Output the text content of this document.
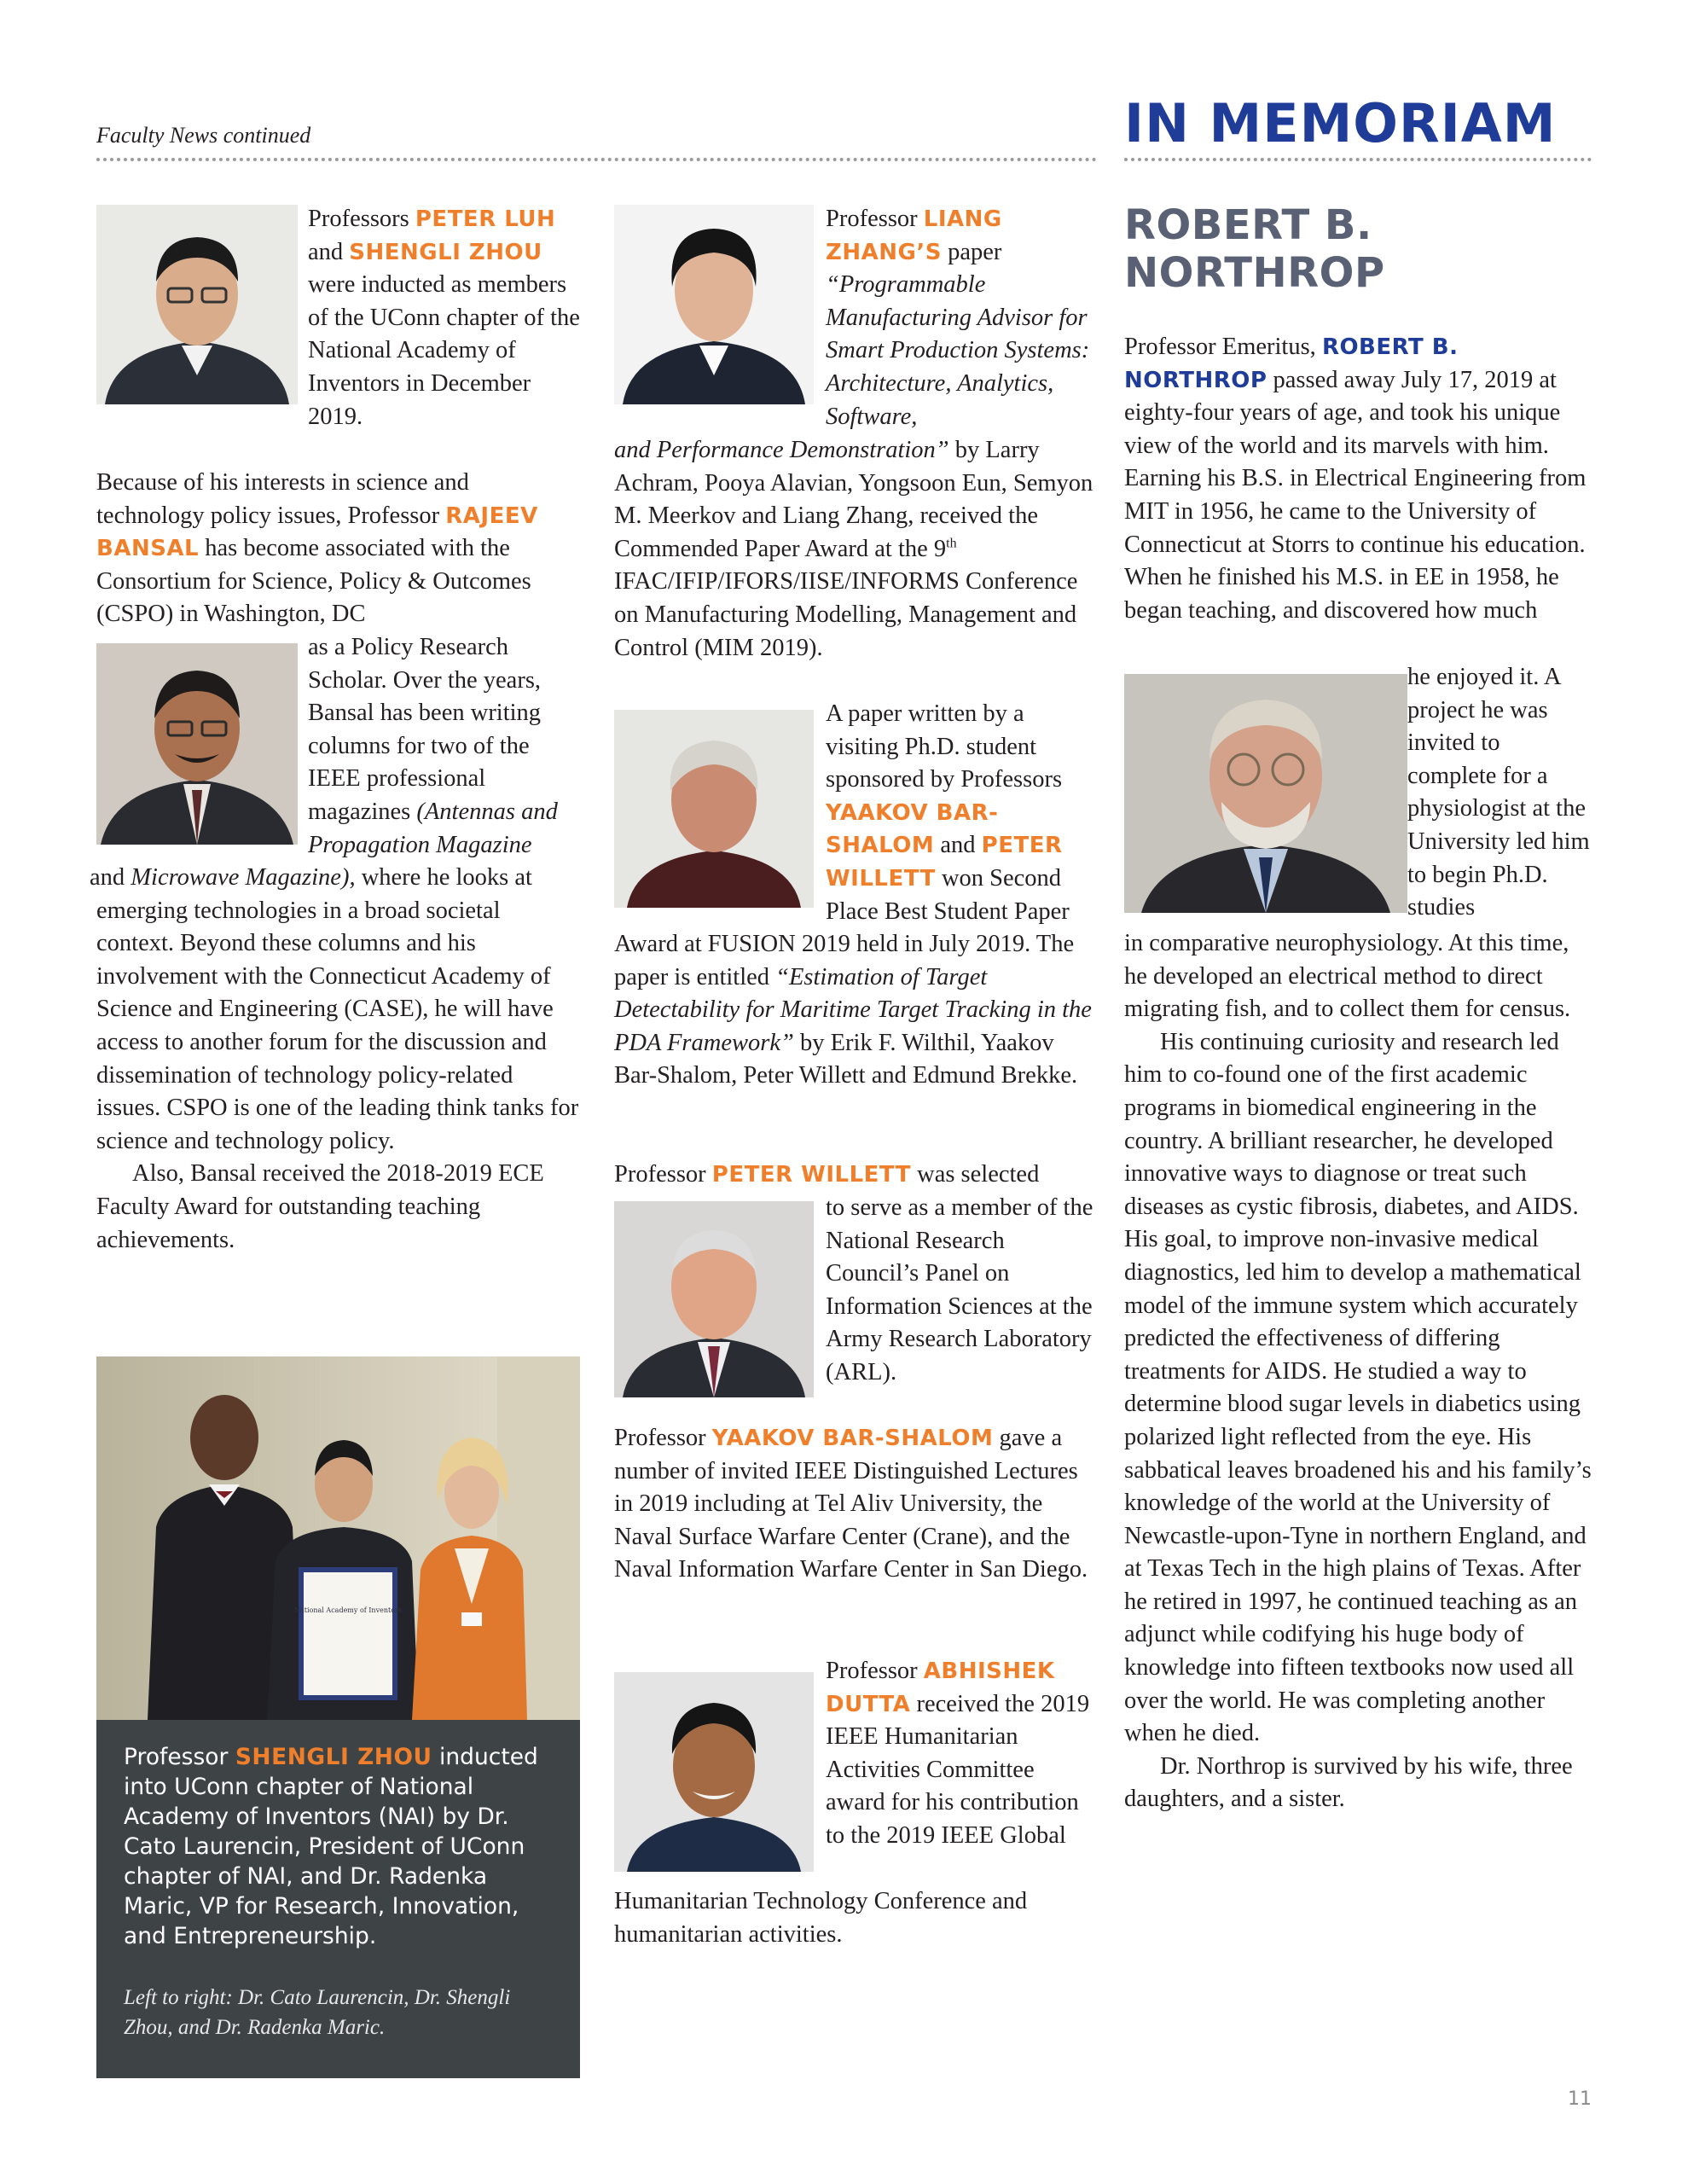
Faculty News continued	IN MEMORIAM
Professors PETER LUH and SHENGLI ZHOU were inducted as members of the UConn chapter of the National Academy of Inventors in December 2019.
Because of his interests in science and technology policy issues, Professor RAJEEV BANSAL has become associated with the Consortium for Science, Policy & Outcomes (CSPO) in Washington, DC
as a Policy Research Scholar. Over the years, Bansal has been writing columns for two of the IEEE professional magazines (Antennas and Propagation Magazine

and Microwave Magazine), where he looks at emerging technologies in a broad societal context. Beyond these columns and his involvement with the Connecticut Academy of Science and Engineering (CASE), he will have access to another forum for the discussion and dissemination of technology policy-related issues. CSPO is one of the leading think tanks for science and technology policy.

Also, Bansal received the 2018-2019 ECE Faculty Award for outstanding teaching achievements.

National Academy of Inventors
Professor SHENGLI ZHOU inducted into UConn chapter of National Academy of Inventors (NAI) by Dr. Cato Laurencin, President of UConn chapter of NAI, and Dr. Radenka Maric, VP for Research, Innovation, and Entrepreneurship.
Left to right: Dr. Cato Laurencin, Dr. Shengli Zhou, and Dr. Radenka Maric.
Professor LIANG ZHANG’S paper
“Programmable Manufacturing Advisor for Smart Production Systems: Architecture, Analytics, Software,
and Performance Demonstration” by Larry Achram, Pooya Alavian, Yongsoon Eun, Semyon M. Meerkov and Liang Zhang, received the Commended Paper Award at the 9th IFAC/IFIP/IFORS/IISE/INFORMS Conference on Manufacturing Modelling, Management and Control (MIM 2019).
A paper written by a visiting Ph.D. student sponsored by Professors YAAKOV BAR-SHALOM and PETER WILLETT won Second Place Best Student Paper
Award at FUSION 2019 held in July 2019. The paper is entitled “Estimation of Target Detectability for Maritime Target Tracking in the PDA Framework” by Erik F. Wilthil, Yaakov Bar-Shalom, Peter Willett and Edmund Brekke.
Professor PETER WILLETT was selected
to serve as a member of the National Research Council’s Panel on Information Sciences at the Army Research Laboratory (ARL).
Professor YAAKOV BAR-SHALOM gave a number of invited IEEE Distinguished Lectures in 2019 including at Tel Aliv University, the Naval Surface Warfare Center (Crane), and the Naval Information Warfare Center in San Diego.
Professor ABHISHEK DUTTA received the 2019 IEEE Humanitarian Activities Committee award for his contribution to the 2019 IEEE Global
Humanitarian Technology Conference and humanitarian activities.
ROBERT B. NORTHROP
Professor Emeritus, ROBERT B. NORTHROP passed away July 17, 2019 at eighty-four years of age, and took his unique view of the world and its marvels with him. Earning his B.S. in Electrical Engineering from MIT in 1956, he came to the University of Connecticut at Storrs to continue his education. When he finished his M.S. in EE in 1958, he began teaching, and discovered how much
he enjoyed it. A project he was invited to complete for a physiologist at the University led him to begin Ph.D. studies

in comparative neurophysiology. At this time, he developed an electrical method to direct migrating fish, and to collect them for census.

His continuing curiosity and research led him to co-found one of the first academic programs in biomedical engineering in the country. A brilliant researcher, he developed innovative ways to diagnose or treat such diseases as cystic fibrosis, diabetes, and AIDS. His goal, to improve non-invasive medical diagnostics, led him to develop a mathematical model of the immune system which accurately predicted the effectiveness of differing treatments for AIDS. He studied a way to determine blood sugar levels in diabetics using polarized light reflected from the eye. His sabbatical leaves broadened his and his family’s knowledge of the world at the University of Newcastle-upon-Tyne in northern England, and at Texas Tech in the high plains of Texas. After he retired in 1997, he continued teaching as an adjunct while codifying his huge body of knowledge into fifteen textbooks now used all over the world. He was completing another when he died.

Dr. Northrop is survived by his wife, three daughters, and a sister.

11
